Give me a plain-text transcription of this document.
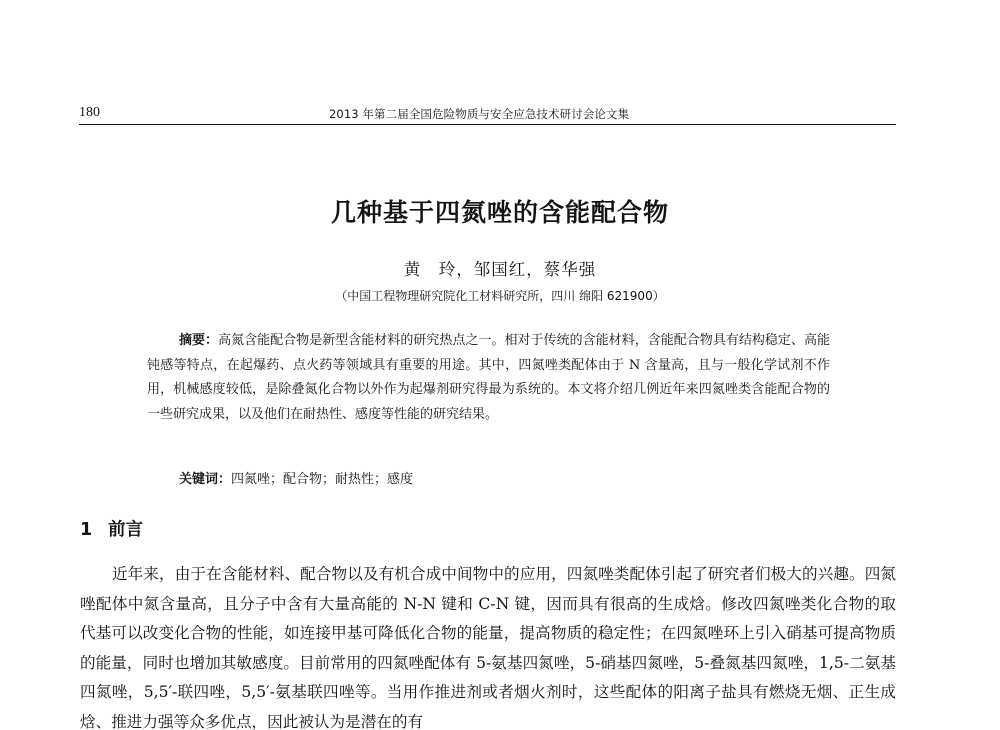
180	2013 年第二届全国危险物质与安全应急技术研讨会论文集
几种基于四氮唑的含能配合物
黄　玲，邹国红，蔡华强
（中国工程物理研究院化工材料研究所，四川 绵阳 621900）
摘要：高氮含能配合物是新型含能材料的研究热点之一。相对于传统的含能材料，含能配合物具有结构稳定、高能钝感等特点，在起爆药、点火药等领域具有重要的用途。其中，四氮唑类配体由于 N 含量高，且与一般化学试剂不作用，机械感度较低，是除叠氮化合物以外作为起爆剂研究得最为系统的。本文将介绍几例近年来四氮唑类含能配合物的一些研究成果，以及他们在耐热性、感度等性能的研究结果。
关键词：四氮唑；配合物；耐热性；感度
1 前言
近年来，由于在含能材料、配合物以及有机合成中间物中的应用，四氮唑类配体引起了研究者们极大的兴趣。四氮唑配体中氮含量高，且分子中含有大量高能的 N-N 键和 C-N 键，因而具有很高的生成焓。修改四氮唑类化合物的取代基可以改变化合物的性能，如连接甲基可降低化合物的能量，提高物质的稳定性；在四氮唑环上引入硝基可提高物质的能量，同时也增加其敏感度。目前常用的四氮唑配体有 5-氨基四氮唑，5-硝基四氮唑，5-叠氮基四氮唑，1,5-二氨基四氮唑，5,5′-联四唑，5,5′-氨基联四唑等。当用作推进剂或者烟火剂时，这些配体的阳离子盐具有燃烧无烟、正生成焓、推进力强等众多优点，因此被认为是潜在的有
